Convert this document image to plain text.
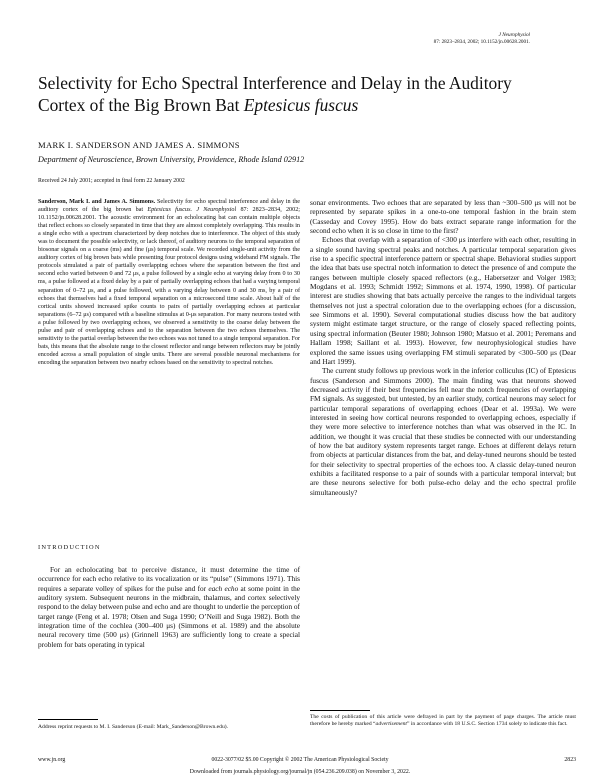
J Neurophysiol
87: 2823–2834, 2002; 10.1152/jn.00628.2001.
Selectivity for Echo Spectral Interference and Delay in the Auditory Cortex of the Big Brown Bat Eptesicus fuscus
MARK I. SANDERSON AND JAMES A. SIMMONS
Department of Neuroscience, Brown University, Providence, Rhode Island 02912
Received 24 July 2001; accepted in final form 22 January 2002

Sanderson, Mark I. and James A. Simmons. Selectivity for echo spectral interference and delay in the auditory cortex of the big brown bat Eptesicus fuscus. J Neurophysiol 87: 2823–2834, 2002; 10.1152/jn.00628.2001. The acoustic environment for an echolocating bat can contain multiple objects that reflect echoes so closely separated in time that they are almost completely overlapping. This results in a single echo with a spectrum characterized by deep notches due to interference. The object of this study was to document the possible selectivity, or lack thereof, of auditory neurons to the temporal separation of biosonar signals on a coarse (ms) and fine (μs) temporal scale. We recorded single-unit activity from the auditory cortex of big brown bats while presenting four protocol designs using wideband FM signals. The protocols simulated a pair of partially overlapping echoes where the separation between the first and second echo varied between 0 and 72 μs, a pulse followed by a single echo at varying delay from 0 to 30 ms, a pulse followed at a fixed delay by a pair of partially overlapping echoes that had a varying temporal separation of 0–72 μs, and a pulse followed, with a varying delay between 0 and 30 ms, by a pair of echoes that themselves had a fixed temporal separation on a microsecond time scale. About half of the cortical units showed increased spike counts to pairs of partially overlapping echoes at particular separations (6–72 μs) compared with a baseline stimulus at 0-μs separation. For many neurons tested with a pulse followed by two overlapping echoes, we observed a sensitivity to the coarse delay between the pulse and pair of overlapping echoes and to the separation between the two echoes themselves. The sensitivity to the partial overlap between the two echoes was not tuned to a single temporal separation. For bats, this means that the absolute range to the closest reflector and range between reflectors may be jointly encoded across a small population of single units. There are several possible neuronal mechanisms for encoding the separation between two nearby echoes based on the sensitivity to spectral notches.

INTRODUCTION

For an echolocating bat to perceive distance, it must determine the time of occurrence for each echo relative to its vocalization or its “pulse” (Simmons 1971). This requires a separate volley of spikes for the pulse and for each echo at some point in the auditory system. Subsequent neurons in the midbrain, thalamus, and cortex selectively respond to the delay between pulse and echo and are thought to underlie the perception of target range (Feng et al. 1978; Olsen and Suga 1990; O’Neill and Suga 1982). Both the integration time of the cochlea (300–400 μs) (Simmons et al. 1989) and the absolute neural recovery time (500 μs) (Grinnell 1963) are sufficiently long to create a special problem for bats operating in typical

sonar environments. Two echoes that are separated by less than ~300–500 μs will not be represented by separate spikes in a one-to-one temporal fashion in the brain stem (Casseday and Covey 1995). How do bats extract separate range information for the second echo when it is so close in time to the first?

Echoes that overlap with a separation of <300 μs interfere with each other, resulting in a single sound having spectral peaks and notches. A particular temporal separation gives rise to a specific spectral interference pattern or spectral shape. Behavioral studies support the idea that bats use spectral notch information to detect the presence of and compute the ranges between multiple closely spaced reflectors (e.g., Habersetzer and Volger 1983; Mogdans et al. 1993; Schmidt 1992; Simmons et al. 1974, 1990, 1998). Of particular interest are studies showing that bats actually perceive the ranges to the individual targets themselves not just a spectral coloration due to the overlapping echoes (for a discussion, see Simmons et al. 1990). Several computational studies discuss how the bat auditory system might estimate target structure, or the range of closely spaced reflecting points, using spectral information (Beuter 1980; Johnson 1980; Matsuo et al. 2001; Peremans and Hallam 1998; Saillant et al. 1993). However, few neurophysiological studies have explored the same issues using overlapping FM stimuli separated by <300–500 μs (Dear and Hart 1999).

The current study follows up previous work in the inferior colliculus (IC) of Eptesicus fuscus (Sanderson and Simmons 2000). The main finding was that neurons showed decreased activity if their best frequencies fell near the notch frequencies of overlapping FM signals. As suggested, but untested, by an earlier study, cortical neurons may select for particular temporal separations of overlapping echoes (Dear et al. 1993a). We were interested in seeing how cortical neurons responded to overlapping echoes, especially if they were more selective to interference notches than what was observed in the IC. In addition, we thought it was crucial that these studies be connected with our understanding of how the bat auditory system represents target range. Echoes at different delays return from objects at particular distances from the bat, and delay-tuned neurons should be tested for their selectivity to spectral properties of the echoes too. A classic delay-tuned neuron exhibits a facilitated response to a pair of sounds with a particular temporal interval; but are these neurons selective for both pulse-echo delay and the echo spectral profile simultaneously?

Address reprint requests to M. I. Sanderson (E-mail: Mark_Sanderson@Brown.edu).
The costs of publication of this article were defrayed in part by the payment of page charges. The article must therefore be hereby marked “advertisement” in accordance with 18 U.S.C. Section 1734 solely to indicate this fact.
www.jn.org	0022-3077/02 $5.00 Copyright © 2002 The American Physiological Society	2823
Downloaded from journals.physiology.org/journal/jn (054.236.209.038) on November 3, 2022.
